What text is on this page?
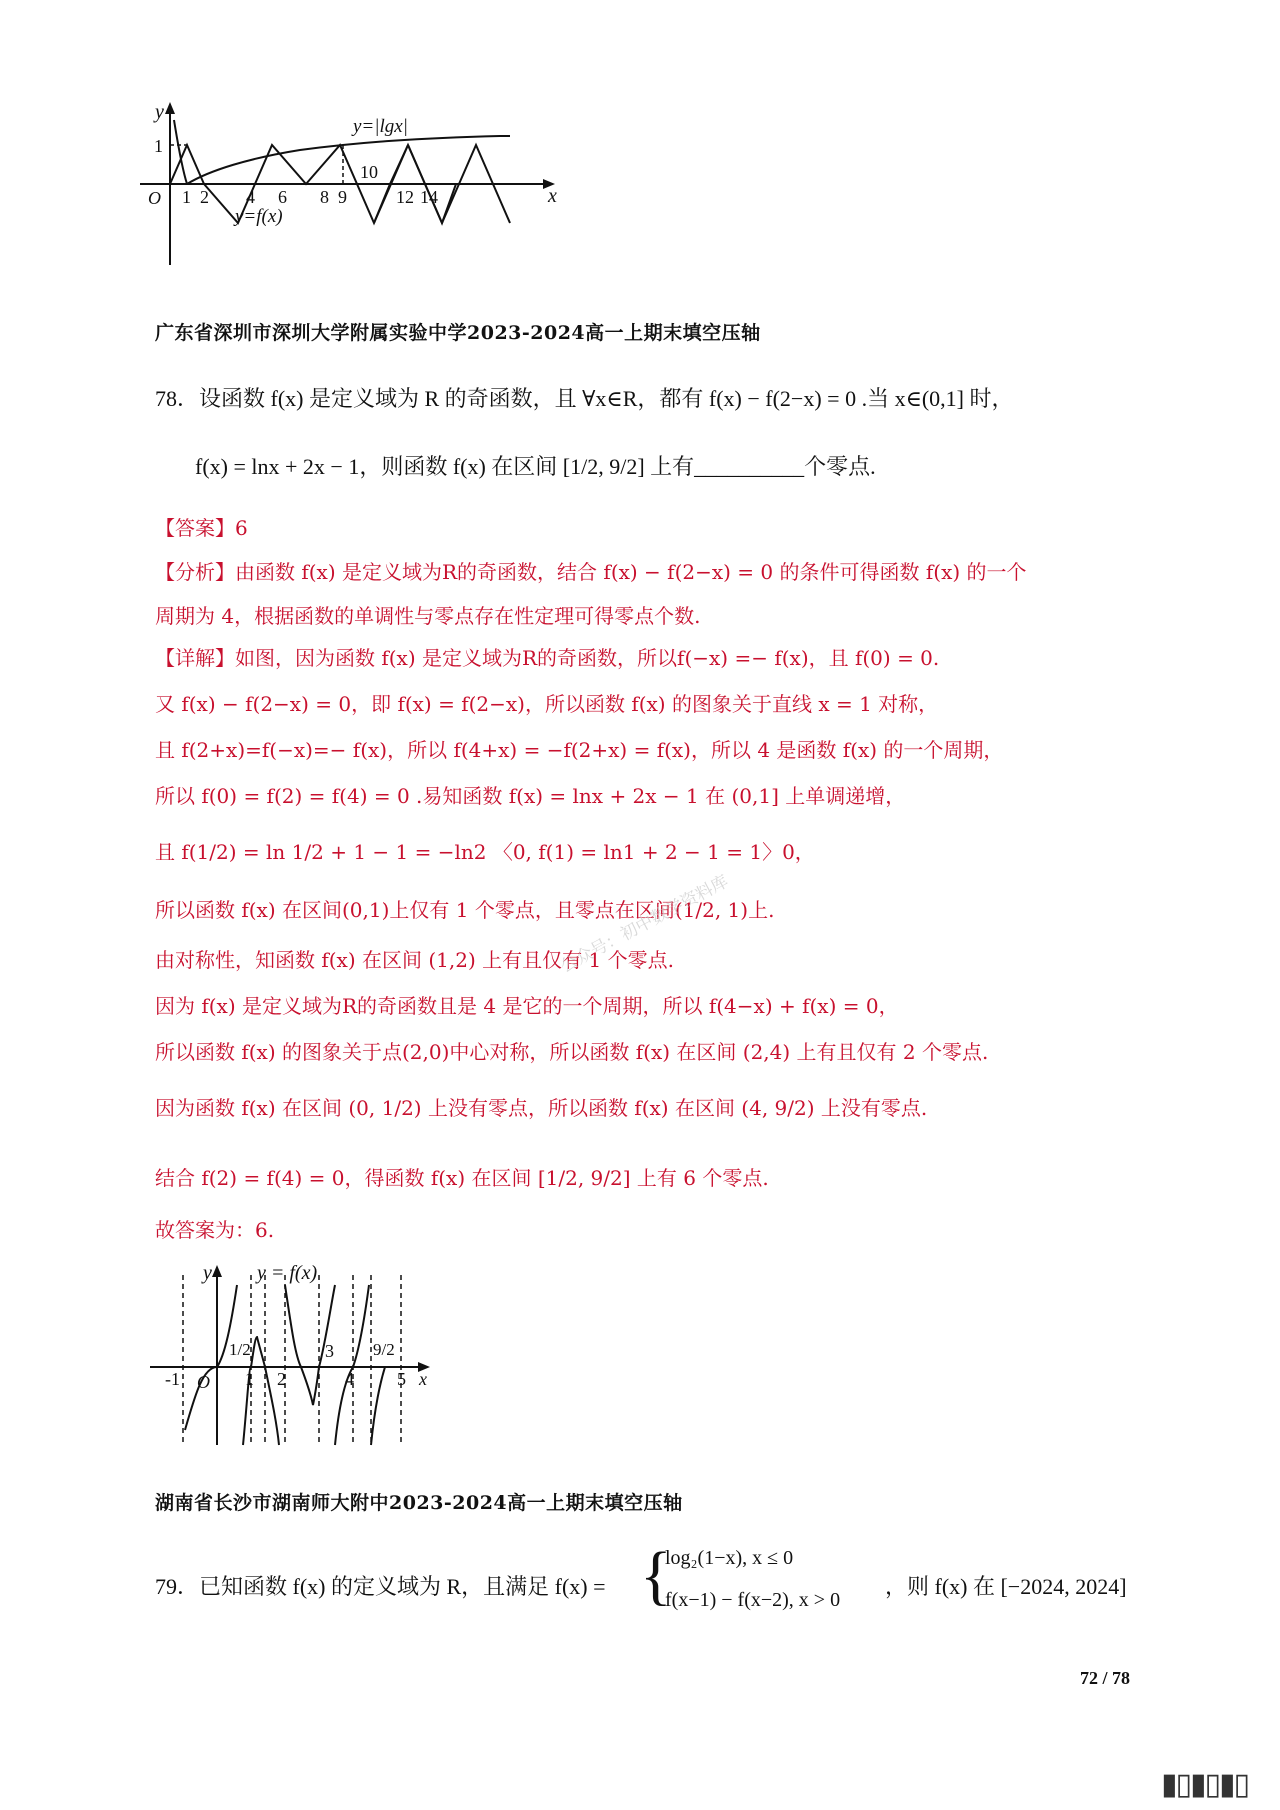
y
1
O	x
1 2 4 6 8 9
10
12 14
y=|lgx|
y=f(x)
广东省深圳市深圳大学附属实验中学2023-2024高一上期末填空压轴
78．设函数 f(x) 是定义域为 R 的奇函数，且 ∀x∈R，都有 f(x) − f(2−x) = 0 .当 x∈(0,1] 时，
f(x) = lnx + 2x − 1，则函数 f(x) 在区间 [1/2, 9/2] 上有__________个零点.
【答案】6
【分析】由函数 f(x) 是定义域为R的奇函数，结合 f(x) − f(2−x) = 0 的条件可得函数 f(x) 的一个
周期为 4，根据函数的单调性与零点存在性定理可得零点个数.
【详解】如图，因为函数 f(x) 是定义域为R的奇函数，所以f(−x) =− f(x)，且 f(0) = 0.
又 f(x) − f(2−x) = 0，即 f(x) = f(2−x)，所以函数 f(x) 的图象关于直线 x = 1 对称，
且 f(2+x)=f(−x)=− f(x)，所以 f(4+x) = −f(2+x) = f(x)，所以 4 是函数 f(x) 的一个周期，
所以 f(0) = f(2) = f(4) = 0 .易知函数 f(x) = lnx + 2x − 1 在 (0,1] 上单调递增，
且 f(1/2) = ln 1/2 + 1 − 1 = −ln2 〈0, f(1) = ln1 + 2 − 1 = 1〉0，
所以函数 f(x) 在区间(0,1)上仅有 1 个零点，且零点在区间(1/2, 1)上.
由对称性，知函数 f(x) 在区间 (1,2) 上有且仅有 1 个零点.
因为 f(x) 是定义域为R的奇函数且是 4 是它的一个周期，所以 f(4−x) + f(x) = 0，
所以函数 f(x) 的图象关于点(2,0)中心对称，所以函数 f(x) 在区间 (2,4) 上有且仅有 2 个零点.
因为函数 f(x) 在区间 (0, 1/2) 上没有零点，所以函数 f(x) 在区间 (4, 9/2) 上没有零点.
结合 f(2) = f(4) = 0，得函数 f(x) 在区间 [1/2, 9/2] 上有 6 个零点.
故答案为：6.
公众号：初中数学资料库
y y = f(x)
O	x
-1	1 2	4 5
1/2	3 9/2
湖南省长沙市湖南师大附中2023-2024高一上期末填空压轴
79．已知函数 f(x) 的定义域为 R，且满足 f(x) = {
log₂(1−x), x ≤ 0
f(x−1) − f(x−2), x > 0
，则 f(x) 在 [−2024, 2024]
72 / 78
▮▯▮▯▮▯
